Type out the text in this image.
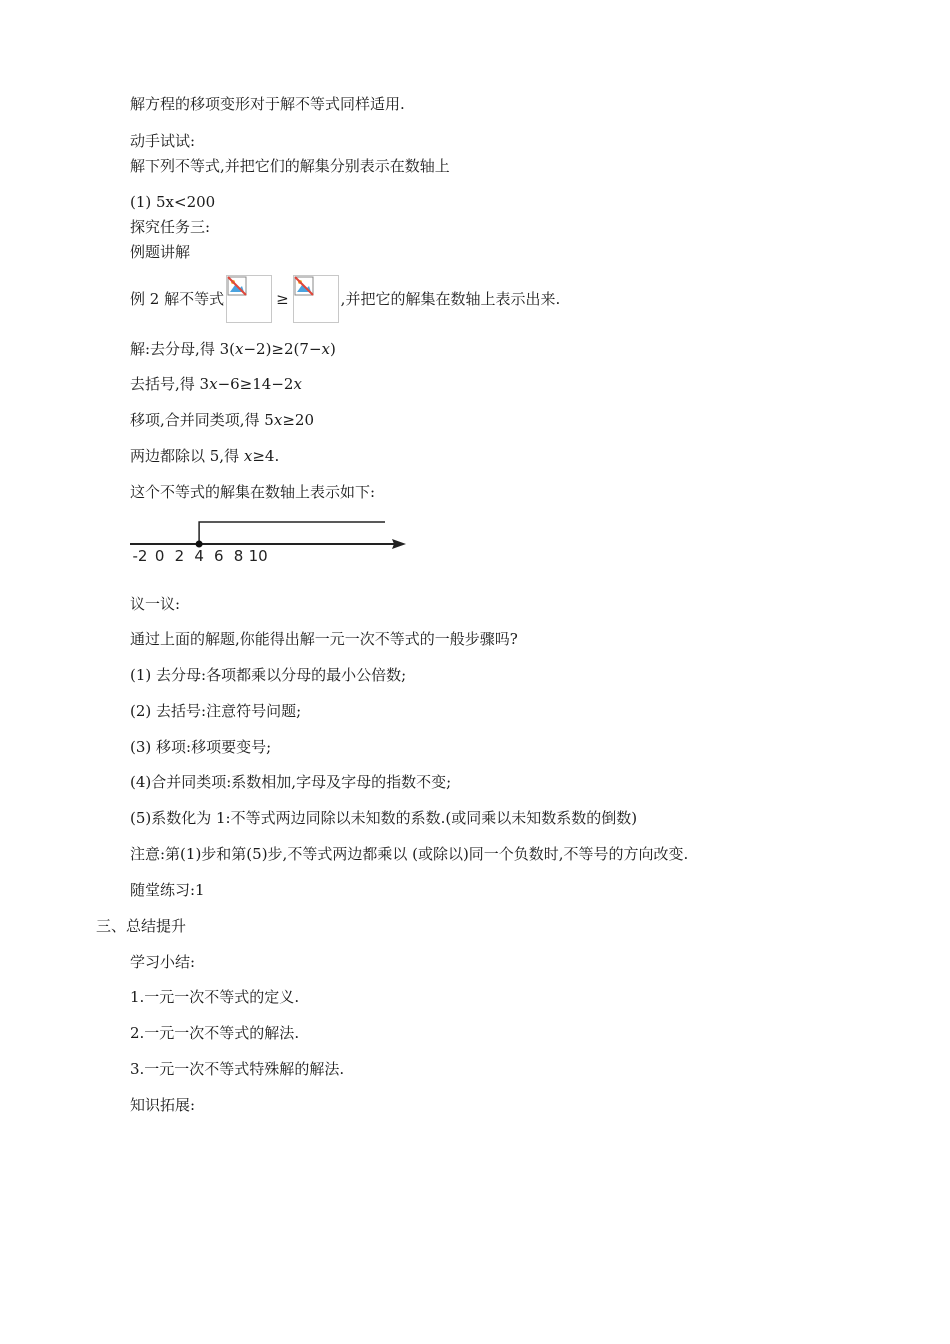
解方程的移项变形对于解不等式同样适用.
动手试试:
解下列不等式,并把它们的解集分别表示在数轴上
(1) 5x<200
探究任务三:
例题讲解
例 2 解不等式	≥	,并把它的解集在数轴上表示出来.
解:去分母,得 3(x−2)≥2(7−x)
去括号,得 3x−6≥14−2x
移项,合并同类项,得 5x≥20
两边都除以 5,得 x≥4.
这个不等式的解集在数轴上表示如下:
-2 0 2 4 6 8 10
议一议:
通过上面的解题,你能得出解一元一次不等式的一般步骤吗?
(1) 去分母:各项都乘以分母的最小公倍数;
(2) 去括号:注意符号问题;
(3) 移项:移项要变号;
(4)合并同类项:系数相加,字母及字母的指数不变;
(5)系数化为 1:不等式两边同除以未知数的系数.(或同乘以未知数系数的倒数)
注意:第(1)步和第(5)步,不等式两边都乘以 (或除以)同一个负数时,不等号的方向改变.
随堂练习:1
三、总结提升
学习小结:
1.一元一次不等式的定义.
2.一元一次不等式的解法.
3.一元一次不等式特殊解的解法.
知识拓展:
